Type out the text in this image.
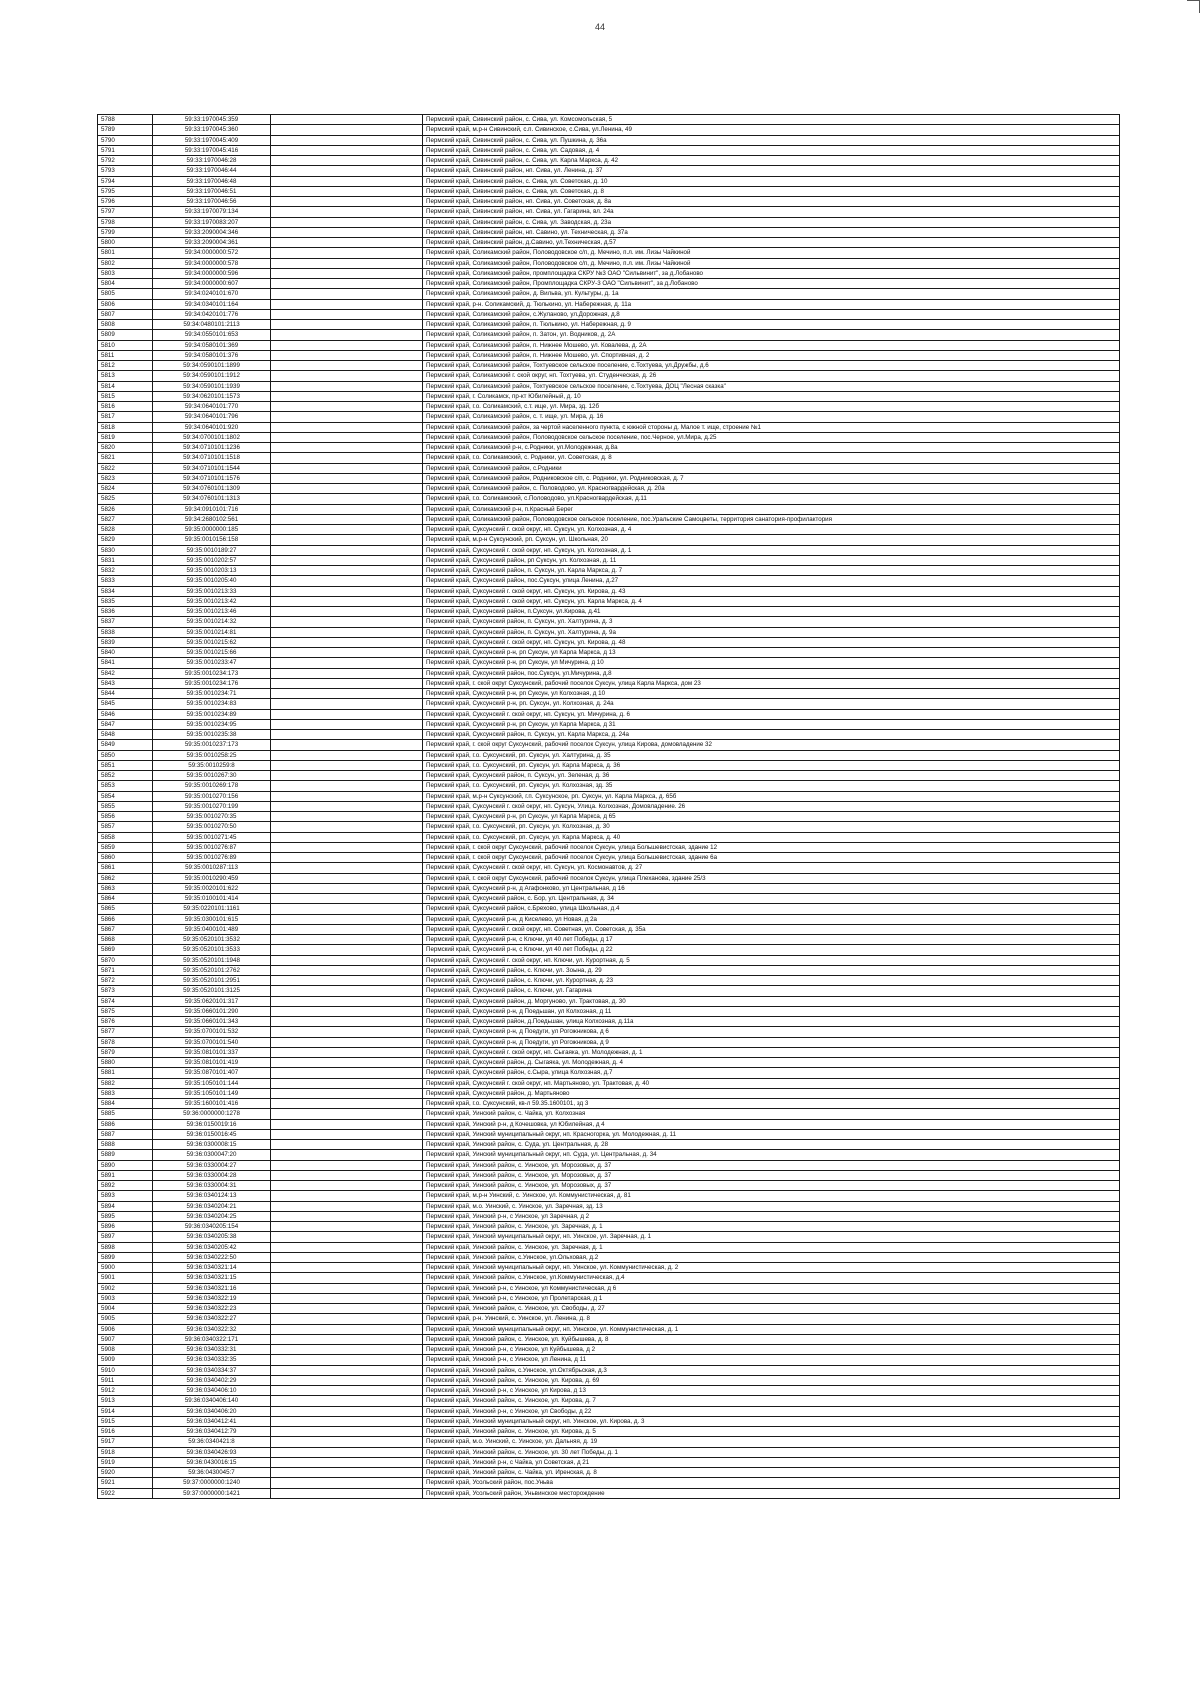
44
5788	59:33:1970045:359		Пермский край, Сивинский район, с. Сива, ул. Комсомольская, 5
5789	59:33:1970045:360		Пермский край, м.р-н Сивинский, с.п. Сивинское, с.Сива, ул.Ленина, 49
5790	59:33:1970045:409		Пермский край, Сивинский район, с. Сива, ул. Пушкина, д. 36а
5791	59:33:1970045:416		Пермский край, Сивинский район, с. Сива, ул. Садовая, д. 4
5792	59:33:1970046:28		Пермский край, Сивинский район, с. Сива, ул. Карла Маркса, д. 42
5793	59:33:1970046:44		Пермский край, Сивинский район, нп. Сива, ул. Ленина, д. 37
5794	59:33:1970046:48		Пермский край, Сивинский район, с. Сива, ул. Советская, д. 10
5795	59:33:1970046:51		Пермский край, Сивинский район, с. Сива, ул. Советская, д. 8
5796	59:33:1970046:56		Пермский край, Сивинский район, нп. Сива, ул. Советская, д. 8а
5797	59:33:1970079:134		Пермский край, Сивинский район, нп. Сива, ул. Гагарина, вл. 24а
5798	59:33:1970083:207		Пермский край, Сивинский район, с. Сива, ул. Заводская, д. 23а
5799	59:33:2090004:346		Пермский край, Сивинский район, нп. Савино, ул. Техническая, д. 37а
5800	59:33:2090004:361		Пермский край, Сивинский район, д.Савино, ул.Техническая, д.57
5801	59:34:0000000:572		Пермский край, Соликамский район, Половодовское с/п, д. Мечино, п.л. им. Лизы Чайкиной
5802	59:34:0000000:578		Пермский край, Соликамский район, Половодовское с/п, д. Мечино, п.л. им. Лизы Чайкиной
5803	59:34:0000000:596		Пермский край, Соликамский район, промплощадка СКРУ №3 ОАО "Сильвинит", за д.Лобаново
5804	59:34:0000000:607		Пермский край, Соликамский район, Промплощадка СКРУ-3 ОАО "Сильвинит", за д.Лобаново
5805	59:34:0240101:670		Пермский край, Соликамский район, д. Вильва, ул. Культуры, д. 1а
5806	59:34:0340101:164		Пермский край, р-н. Соликамский, д. Тюлькино, ул. Набережная, д. 11а
5807	59:34:0420101:776		Пермский край, Соликамский район, с.Жуланово, ул.Дорожная, д.8
5808	59:34:0480101:2113		Пермский край, Соликамский район, п. Тюлькино, ул. Набережная, д. 9
5809	59:34:0550101:653		Пермский край, Соликамский район, п. Затон, ул. Водников, д. 2А
5810	59:34:0580101:369		Пермский край, Соликамский район, п. Нижнее Мошево, ул. Ковалева, д. 2А
5811	59:34:0580101:376		Пермский край, Соликамский район, п. Нижнее Мошево, ул. Спортивная, д. 2
5812	59:34:0590101:1899		Пермский край, Соликамский район, Тохтуевское сельское поселение, с.Тохтуева, ул.Дружбы, д.6
5813	59:34:0590101:1912		Пермский край, Соликамский г. ской округ, нп. Тохтуева, ул. Студенческая, д. 26
5814	59:34:0590101:1939		Пермский край, Соликамский район, Тохтуевское сельское поселение, с.Тохтуева, ДОЦ "Лесная сказка"
5815	59:34:0620101:1573		Пермский край, г. Соликамск, пр-кт Юбилейный, д. 10
5816	59:34:0640101:770		Пермский край, г.о. Соликамский, с.т. ище, ул. Мира, зд. 12б
5817	59:34:0640101:796		Пермский край, Соликамский район, с. т. ище, ул. Мира, д. 16
5818	59:34:0640101:920		Пермский край, Соликамский район, за чертой населенного пункта, с южной стороны д. Малое т. ище, строение №1
5819	59:34:0700101:1802		Пермский край, Соликамский район, Половодовское сельское поселение, пос.Черное, ул.Мира, д.25
5820	59:34:0710101:1236		Пермский край, Соликамский р-н, с.Родники, ул.Молодежная, д.8а
5821	59:34:0710101:1518		Пермский край, г.о. Соликамский, с. Родники, ул. Советская, д. 8
5822	59:34:0710101:1544		Пермский край, Соликамский район, с.Родники
5823	59:34:0710101:1576		Пермский край, Соликамский район, Родниковское с/п, с. Родники, ул. Родниковская, д. 7
5824	59:34:0760101:1309		Пермский край, Соликамский район, с. Половодово, ул. Красногвардейская, д. 20а
5825	59:34:0760101:1313		Пермский край, г.о. Соликамский, с.Половодово, ул.Красногвардейская, д.11
5826	59:34:0910101:716		Пермский край, Соликамский р-н, п.Красный Берег
5827	59:34:2680102:561		Пермский край, Соликамский район, Половодовское сельское поселение, пос.Уральские Самоцветы, территория санатория-профилактория
5828	59:35:0000000:185		Пермский край, Суксунский г. ской округ, нп. Суксун, ул. Колхозная, д. 4
5829	59:35:0010156:158		Пермский край, м.р-н Суксунский, рп. Суксун, ул. Школьная, 20
5830	59:35:0010189:27		Пермский край, Суксунский г. ской округ, нп. Суксун, ул. Колхозная, д. 1
5831	59:35:0010202:57		Пермский край, Суксунский район, рп Суксун, ул. Колхозная, д. 11
5832	59:35:0010203:13		Пермский край, Суксунский район, п. Суксун, ул. Карла Маркса, д. 7
5833	59:35:0010205:40		Пермский край, Суксунский район, пос.Суксун, улица Ленина, д.27
5834	59:35:0010213:33		Пермский край, Суксунский г. ской округ, нп. Суксун, ул. Кирова, д. 43
5835	59:35:0010213:42		Пермский край, Суксунский г. ской округ, нп. Суксун, ул. Карла Маркса, д. 4
5836	59:35:0010213:46		Пермский край, Суксунский район, п.Суксун, ул.Кирова, д.41
5837	59:35:0010214:32		Пермский край, Суксунский район, п. Суксун, ул. Халтурина, д. 3
5838	59:35:0010214:81		Пермский край, Суксунский район, п. Суксун, ул. Халтурина, д. 9а
5839	59:35:0010215:62		Пермский край, Суксунский г. ской округ, нп. Суксун, ул. Кирова, д. 48
5840	59:35:0010215:66		Пермский край, Суксунский р-н, рп Суксун, ул Карла Маркса, д 13
5841	59:35:0010233:47		Пермский край, Суксунский р-н, рп Суксун, ул Мичурина, д 10
5842	59:35:0010234:173		Пермский край, Суксунский район, пос.Суксун, ул.Мичурина, д.8
5843	59:35:0010234:176		Пермский край, г. ской округ Суксунский, рабочий поселок Суксун, улица Карла Маркса, дом 23
5844	59:35:0010234:71		Пермский край, Суксунский р-н, рп Суксун, ул Колхозная, д 10
5845	59:35:0010234:83		Пермский край, Суксунский р-н, рп. Суксун, ул. Колхозная, д. 24а
5846	59:35:0010234:89		Пермский край, Суксунский г. ской округ, нп. Суксун, ул. Мичурина, д. 6
5847	59:35:0010234:95		Пермский край, Суксунский р-н, рп Суксун, ул Карла Маркса, д 31
5848	59:35:0010235:38		Пермский край, Суксунский район, п. Суксун, ул. Карла Маркса, д. 24а
5849	59:35:0010237:173		Пермский край, г. ской округ Суксунский, рабочий поселок Суксун, улица Кирова, домовладение 32
5850	59:35:0010258:25		Пермский край, г.о. Суксунский, рп. Суксун, ул. Халтурина, д. 35
5851	59:35:0010259:8		Пермский край, г.о. Суксунский, рп. Суксун, ул. Карла Маркса, д. 36
5852	59:35:0010267:30		Пермский край, Суксунский район, п. Суксун, ул. Зеленая, д. 36
5853	59:35:0010269:178		Пермский край, г.о. Суксунский, рп. Суксун, ул. Колхозная, зд. 35
5854	59:35:0010270:156		Пермский край, м.р-н Суксунский, г.п. Суксунское, рп. Суксун, ул. Карла Маркса, д. 65б
5855	59:35:0010270:199		Пермский край, Суксунский г. ской округ, нп. Суксун, Улица. Колхозная, Домовладение. 26
5856	59:35:0010270:35		Пермский край, Суксунский р-н, рп Суксун, ул Карла Маркса, д 65
5857	59:35:0010270:50		Пермский край, г.о. Суксунский, рп. Суксун, ул. Колхозная, д. 30
5858	59:35:0010271:45		Пермский край, г.о. Суксунский, рп. Суксун, ул. Карла Маркса, д. 40
5859	59:35:0010276:87		Пермский край, г. ской округ Суксунский, рабочий поселок Суксун, улица Большевистская, здание 12
5860	59:35:0010276:89		Пермский край, г. ской округ Суксунский, рабочий поселок Суксун, улица Большевистская, здание 6а
5861	59:35:0010287:113		Пермский край, Суксунский г. ской округ, нп. Суксун, ул. Космонавтов, д. 27
5862	59:35:0010290:459		Пермский край, г. ской округ Суксунский, рабочий поселок Суксун, улица Плеханова, здание 25/3
5863	59:35:0020101:622		Пермский край, Суксунский р-н, д Агафонково, ул Центральная, д 16
5864	59:35:0100101:414		Пермский край, Суксунский район, с. Бор, ул. Центральная, д. 34
5865	59:35:0220101:1161		Пермский край, Суксунский район, с.Брехово, улица Школьная, д.4
5866	59:35:0300101:615		Пермский край, Суксунский р-н, д Киселево, ул Новая, д 2а
5867	59:35:0400101:489		Пермский край, Суксунский г. ской округ, нп. Советная, ул. Советская, д. 35а
5868	59:35:0520101:3532		Пермский край, Суксунский р-н, с Ключи, ул 40 лет Победы, д 17
5869	59:35:0520101:3533		Пермский край, Суксунский р-н, с Ключи, ул 40 лет Победы, д 22
5870	59:35:0520101:1948		Пермский край, Суксунский г. ской округ, нп. Ключи, ул. Курортная, д. 5
5871	59:35:0520101:2762		Пермский край, Суксунский район, с. Ключи, ул. Зоына, д. 29
5872	59:35:0520101:2951		Пермский край, Суксунский район, с. Ключи, ул. Курортная, д. 23
5873	59:35:0520101:3125		Пермский край, Суксунский район, с. Ключи, ул. Гагарина
5874	59:35:0620101:317		Пермский край, Суксунский район, д. Моргуново, ул. Трактовая, д. 30
5875	59:35:0660101:290		Пермский край, Суксунский р-н, д Поедьшан, ул Колхозная, д 11
5876	59:35:0660101:343		Пермский край, Суксунский район, д.Поедьшан, улица Колхозная, д.11а
5877	59:35:0700101:532		Пермский край, Суксунский р-н, д Поедуги, ул Рогожникова, д 6
5878	59:35:0700101:540		Пермский край, Суксунский р-н, д Поедуги, ул Рогожникова, д 9
5879	59:35:0810101:337		Пермский край, Суксунский г. ской округ, нп. Сыгаяка, ул. Молодежная, д. 1
5880	59:35:0810101:419		Пермский край, Суксунский район, д. Сыгаяка, ул. Молодежная, д. 4
5881	59:35:0870101:407		Пермский край, Суксунский район, с.Сыра, улица Колхозная, д.7
5882	59:35:1050101:144		Пермский край, Суксунский г. ской округ, нп. Мартьяново, ул. Трактовая, д. 40
5883	59:35:1050101:149		Пермский край, Суксунский район, д. Мартьяново
5884	59:35:1600101:416		Пермский край, г.о. Суксунский, кв-л 59.35.1600101, зд 3
5885	59:36:0000000:1278		Пермский край, Уинский район, с. Чайка, ул. Колхозная
5886	59:36:0150019:16		Пермский край, Уинский р-н, д Кочешовка, ул Юбилейная, д 4
5887	59:36:0150016:45		Пермский край, Уинский муниципальный округ, нп. Красногорка, ул. Молодежная, д. 11
5888	59:36:0300008:15		Пермский край, Уинский район, с. Суда, ул. Центральная, д. 28
5889	59:36:0300047:20		Пермский край, Уинский муниципальный округ, нп. Суда, ул. Центральная, д. 34
5890	59:36:0330004:27		Пермский край, Уинский район, с. Уинское, ул. Морозовых, д. 37
5891	59:36:0330004:28		Пермский край, Уинский район, с. Уинское, ул. Морозовых, д. 37
5892	59:36:0330004:31		Пермский край, Уинский район, с. Уинское, ул. Морозовых, д. 37
5893	59:36:0340124:13		Пермский край, м.р-н Уинский, с. Уинское, ул. Коммунистическая, д. 81
5894	59:36:0340204:21		Пермский край, м.о. Уинский, с. Уинское, ул. Заречная, зд. 13
5895	59:36:0340204:25		Пермский край, Уинский р-н, с Уинское, ул Заречная, д 2
5896	59:36:0340205:154		Пермский край, Уинский район, с. Уинское, ул. Заречная, д. 1
5897	59:36:0340205:38		Пермский край, Уинский муниципальный округ, нп. Уинское, ул. Заречная, д. 1
5898	59:36:0340205:42		Пермский край, Уинский район, с. Уинское, ул. Заречная, д. 1
5899	59:36:0340222:50		Пермский край, Уинский район, с.Уинское, ул.Ольховая, д.2
5900	59:36:0340321:14		Пермский край, Уинский муниципальный округ, нп. Уинское, ул. Коммунистическая, д. 2
5901	59:36:0340321:15		Пермский край, Уинский район, с.Уинское, ул.Коммунистическая, д.4
5902	59:36:0340321:16		Пермский край, Уинский р-н, с Уинское, ул Коммунистическая, д 6
5903	59:36:0340322:19		Пермский край, Уинский р-н, с Уинское, ул Пролетарская, д 1
5904	59:36:0340322:23		Пермский край, Уинский район, с. Уинское, ул. Свободы, д. 27
5905	59:36:0340322:27		Пермский край, р-н. Уинский, с. Уинское, ул. Ленина, д. 8
5906	59:36:0340322:32		Пермский край, Уинский муниципальный округ, нп. Уинское, ул. Коммунистическая, д. 1
5907	59:36:0340322:171		Пермский край, Уинский район, с. Уинское, ул. Куйбышева, д. 8
5908	59:36:0340332:31		Пермский край, Уинский р-н, с Уинское, ул Куйбышева, д 2
5909	59:36:0340332:35		Пермский край, Уинский р-н, с Уинское, ул Ленина, д 11
5910	59:36:0340334:37		Пермский край, Уинский район, с.Уинское, ул.Октябрьская, д.3
5911	59:36:0340402:29		Пермский край, Уинский район, с. Уинское, ул. Кирова, д. 69
5912	59:36:0340406:10		Пермский край, Уинский р-н, с Уинское, ул Кирова, д 13
5913	59:36:0340406:140		Пермский край, Уинский район, с. Уинское, ул. Кирова, д. 7
5914	59:36:0340406:20		Пермский край, Уинский р-н, с Уинское, ул Свободы, д 22
5915	59:36:0340412:41		Пермский край, Уинский муниципальный округ, нп. Уинское, ул. Кирова, д. 3
5916	59:36:0340412:79		Пермский край, Уинский район, с. Уинское, ул. Кирова, д. 5
5917	59:36:0340421:8		Пермский край, м.о. Уинский, с. Уинское, ул. Дальняя, д. 19
5918	59:36:0340426:93		Пермский край, Уинский район, с. Уинское, ул. 30 лет Победы, д. 1
5919	59:36:0430016:15		Пермский край, Уинский р-н, с Чайка, ул Советская, д 21
5920	59:36:0430045:7		Пермский край, Уинский район, с. Чайка, ул. Иренская, д. 8
5921	59:37:0000000:1240		Пермский край, Усольский район, пос.Уньва
5922	59:37:0000000:1421		Пермский край, Усольский район, Уньвинское месторождение
